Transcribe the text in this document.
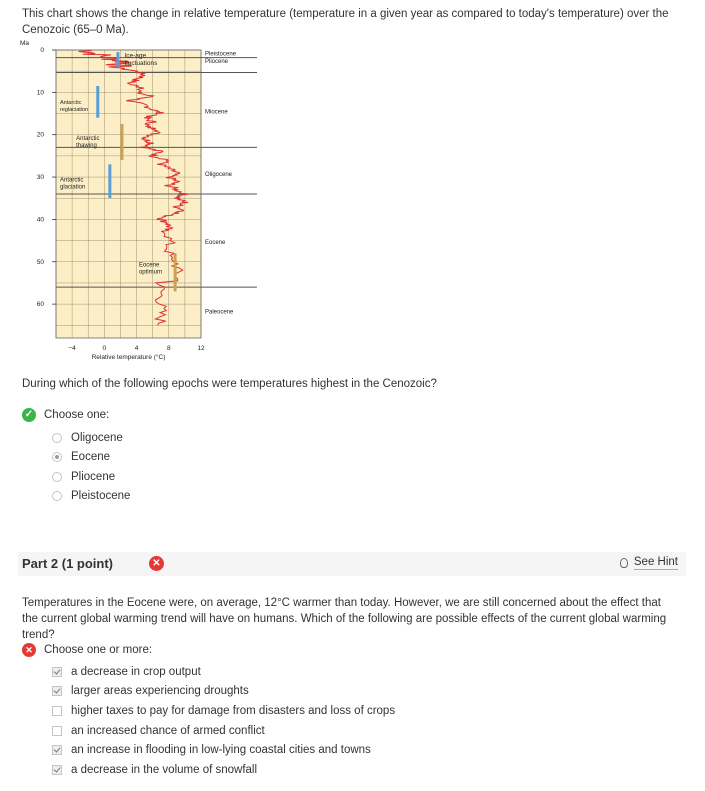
This chart shows the change in relative temperature (temperature in a given year as compared to today's temperature) over the Cenozoic (65–0 Ma).
Ma
0
10
20
30
40
50
60
−4	0	4	8	12
Relative temperature (°C)
Ice-age
fluctuations
Antarctic
reglaciation
Antarctic
thawing
Antarctic
glaciation
Eocene
optimum
Pleistocene
Pliocene
Miocene
Oligocene
Eocene
Paleocene
During which of the following epochs were temperatures highest in the Cenozoic?
✓ Choose one:
Oligocene
Eocene
Pliocene
Pleistocene
Part 2 (1 point)	✕	See Hint
Temperatures in the Eocene were, on average, 12°C warmer than today. However, we are still concerned about the effect that the current global warming trend will have on humans. Which of the following are possible effects of the current global warming trend?
✕ Choose one or more:
a decrease in crop output
larger areas experiencing droughts
higher taxes to pay for damage from disasters and loss of crops
an increased chance of armed conflict
an increase in flooding in low-lying coastal cities and towns
a decrease in the volume of snowfall
